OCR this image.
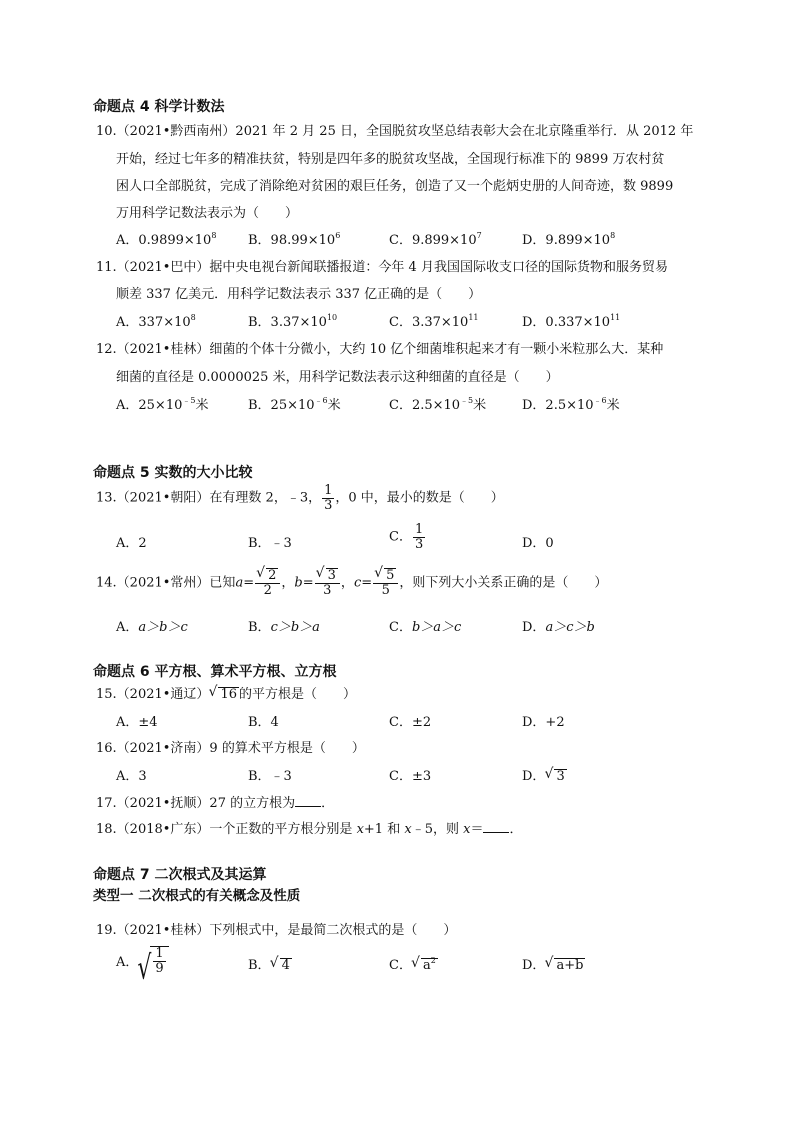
命题点 4 科学计数法
10.（2021•黔西南州）2021 年 2 月 25 日，全国脱贫攻坚总结表彰大会在北京隆重举行．从 2012 年
开始，经过七年多的精准扶贫，特别是四年多的脱贫攻坚战，全国现行标准下的 9899 万农村贫
困人口全部脱贫，完成了消除绝对贫困的艰巨任务，创造了又一个彪炳史册的人间奇迹，数 9899
万用科学记数法表示为（　　）
A．$0.9899\times 10^8$ B．$98.99\times 10^6$	C．$9.899\times 10^7$	D．$9.899\times 10^8$
11.（2021•巴中）据中央电视台新闻联播报道：今年 4 月我国国际收支口径的国际货物和服务贸易
顺差 337 亿美元．用科学记数法表示 337 亿正确的是（　　）
A．$337\times 10^8$	B．$3.37\times 10^{10}$	C．$3.37\times 10^{11}$	D．$0.337\times 10^{11}$
12.（2021•桂林）细菌的个体十分微小，大约 10 亿个细菌堆积起来才有一颗小米粒那么大．某种
细菌的直径是 0.0000025 米，用科学记数法表示这种细菌的直径是（　　）
A．$25\times 10^{﹣5}$米	B．$25\times 10^{﹣6}$米	C．$2.5\times 10^{﹣5}$米	D．$2.5\times 10^{﹣6}$米
命题点 5 实数的大小比较
13.（2021•朝阳）在有理数 2，﹣3， $\frac{1}{3}$ ，0 中，最小的数是（　　）
A．2	B．﹣3	C． $\frac{1}{3}$	D．0
14.（2021•常州）已知a= √ $\frac{2}{2}$ ，b= √ $\frac{3}{3}$ ，c= √ $\frac{5}{5}$ ，则下列大小关系正确的是（　　）
A．a＞b＞c	B．c＞b＞a	C．b＞a＞c	D．a＞c＞b
命题点 6 平方根、算术平方根、立方根
15.（2021•通辽） √ 16 的平方根是（　　）
A．±4	B．4	C．±2	D．+2
16.（2021•济南）9 的算术平方根是（　　）
A．3	B．﹣3	C．±3	D． √ 3
17.（2021•抚顺）27 的立方根为 ．
18.（2018•广东）一个正数的平方根分别是 x+1 和 x﹣5，则 x＝ ．
命题点 7 二次根式及其运算
类型一 二次根式的有关概念及性质
19.（2021•桂林）下列根式中，是最简二次根式的是（　　）
A． √ $\frac{1}{9}$	B． √ 4	C． √ $a^2$	D． √ a+b
